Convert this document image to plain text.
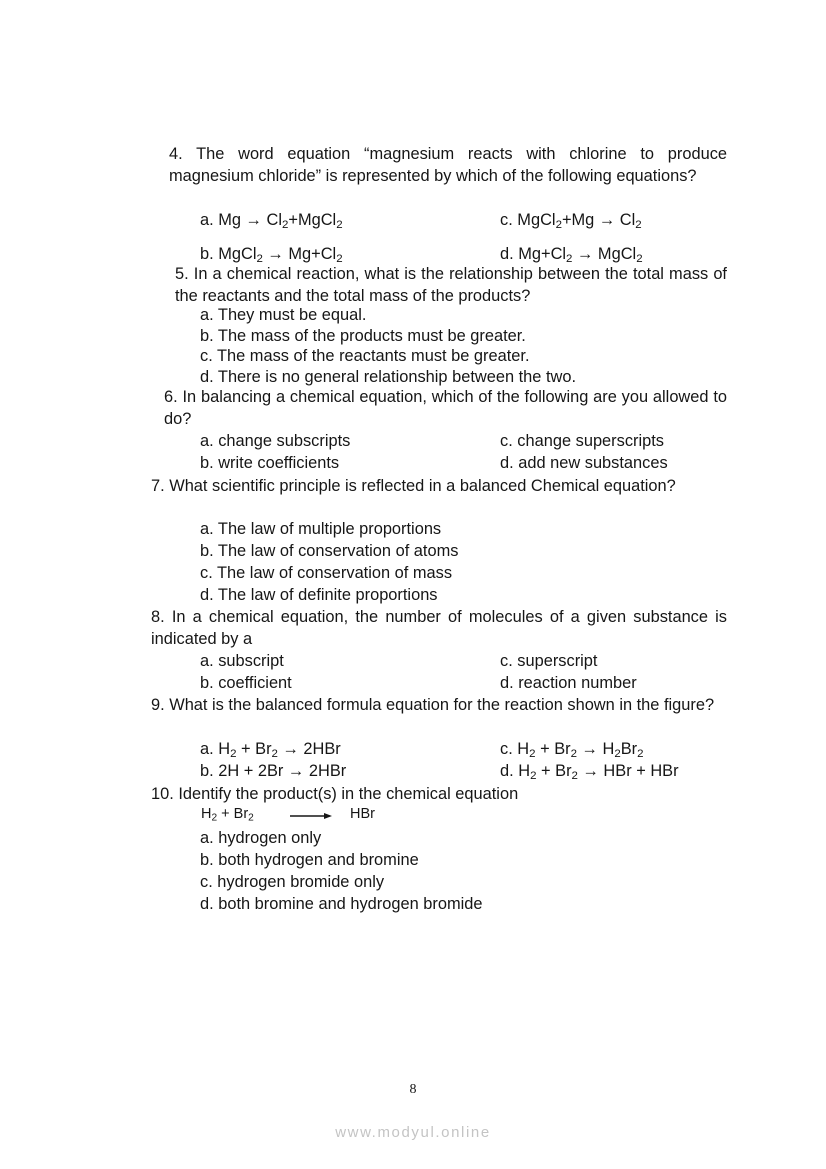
4. The word equation “magnesium reacts with chlorine to produce magnesium chloride” is represented by which of the following equations?

a. $Mg \to Cl_2+MgCl_2$	c. MgCl$_2$+Mg → $Cl_2$
b. MgCl$_2$ → $Mg+Cl_2$	d. $Mg+Cl_2$ → MgCl$_2$

5. In a chemical reaction, what is the relationship between the total mass of the reactants and the total mass of the products?

a. They must be equal.
b. The mass of the products must be greater.
c. The mass of the reactants must be greater.
d. There is no general relationship between the two.

6. In balancing a chemical equation, which of the following are you allowed to do?

a. change subscripts	c. change superscripts
b. write coefficients	d. add new substances

7. What scientific principle is reflected in a balanced Chemical equation?

a. The law of multiple proportions
b. The law of conservation of atoms
c. The law of conservation of mass
d. The law of definite proportions

8. In a chemical equation, the number of molecules of a given substance is indicated by a

a. subscript	c. superscript
b. coefficient	d. reaction number

9. What is the balanced formula equation for the reaction shown in the figure?

a. $H_2 + Br_2 \to 2HBr$	c. $H_2 + Br_2 \to H_2Br_2$
b. 2H + 2Br → 2HBr	d. $H_2 + Br_2$ → HBr + HBr
10. Identify the product(s) in the chemical equation
$H_2 + Br_2$ → HBr
a. hydrogen only
b. both hydrogen and bromine
c. hydrogen bromide only
d. both bromine and hydrogen bromide
8
www.modyul.online
